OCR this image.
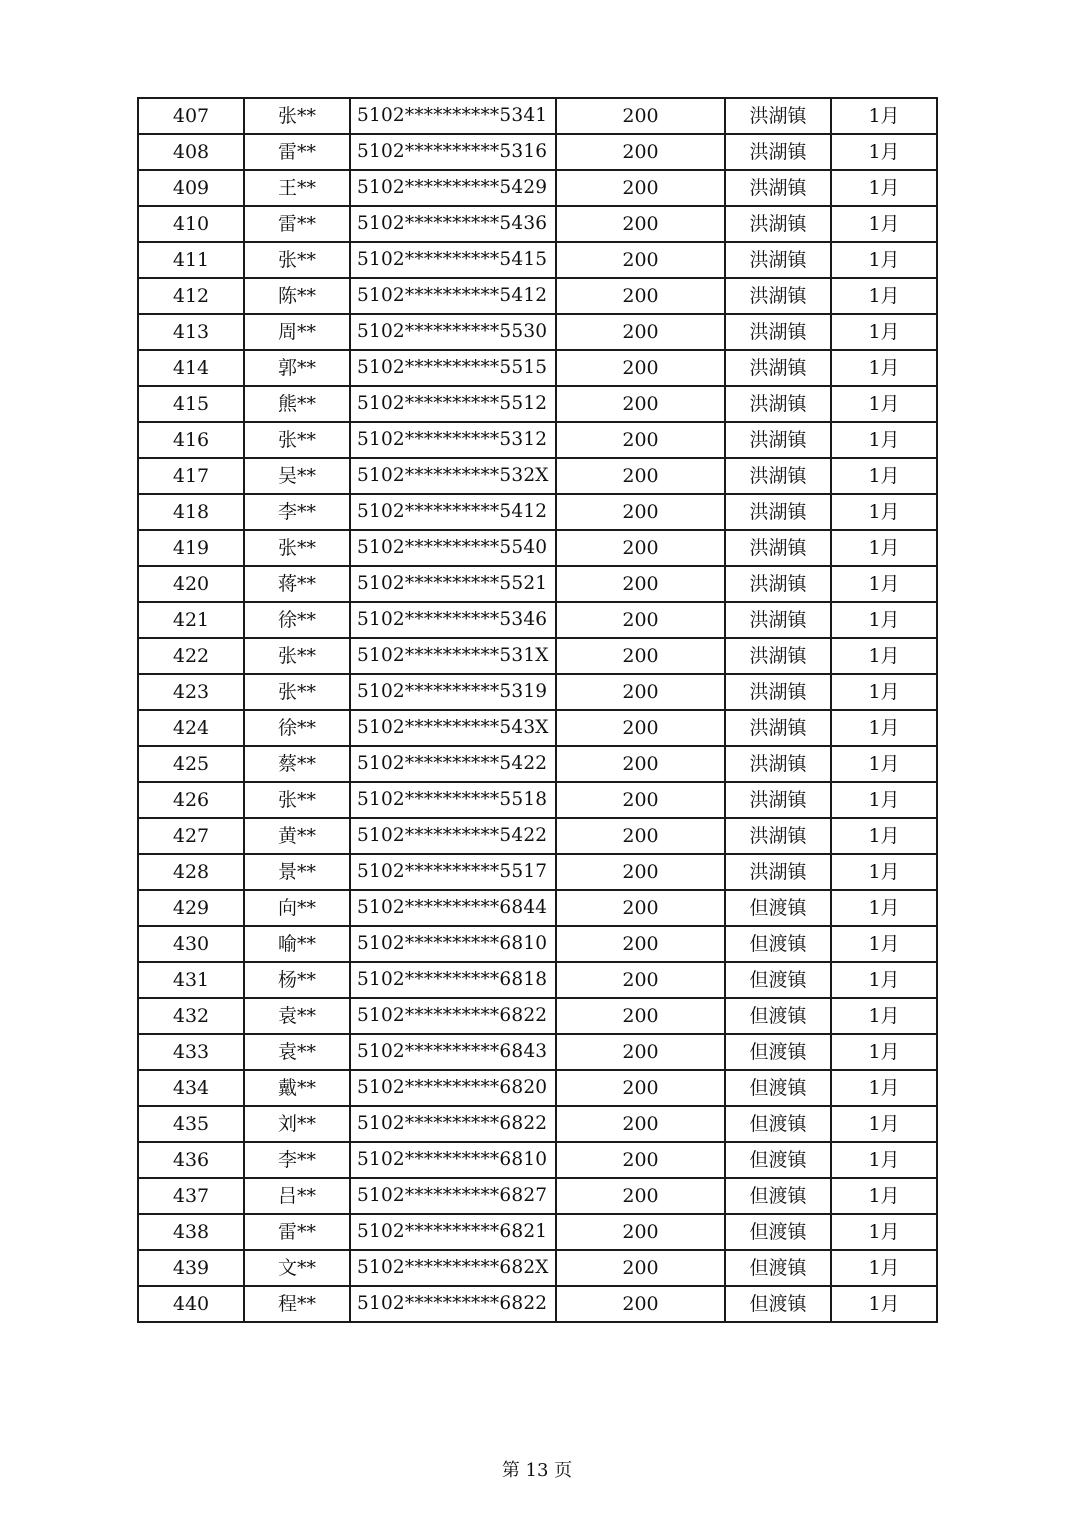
407	张**	5102**********5341	200	洪湖镇	1月
408	雷**	5102**********5316	200	洪湖镇	1月
409	王**	5102**********5429	200	洪湖镇	1月
410	雷**	5102**********5436	200	洪湖镇	1月
411	张**	5102**********5415	200	洪湖镇	1月
412	陈**	5102**********5412	200	洪湖镇	1月
413	周**	5102**********5530	200	洪湖镇	1月
414	郭**	5102**********5515	200	洪湖镇	1月
415	熊**	5102**********5512	200	洪湖镇	1月
416	张**	5102**********5312	200	洪湖镇	1月
417	吴**	5102**********532X	200	洪湖镇	1月
418	李**	5102**********5412	200	洪湖镇	1月
419	张**	5102**********5540	200	洪湖镇	1月
420	蒋**	5102**********5521	200	洪湖镇	1月
421	徐**	5102**********5346	200	洪湖镇	1月
422	张**	5102**********531X	200	洪湖镇	1月
423	张**	5102**********5319	200	洪湖镇	1月
424	徐**	5102**********543X	200	洪湖镇	1月
425	蔡**	5102**********5422	200	洪湖镇	1月
426	张**	5102**********5518	200	洪湖镇	1月
427	黄**	5102**********5422	200	洪湖镇	1月
428	景**	5102**********5517	200	洪湖镇	1月
429	向**	5102**********6844	200	但渡镇	1月
430	喻**	5102**********6810	200	但渡镇	1月
431	杨**	5102**********6818	200	但渡镇	1月
432	袁**	5102**********6822	200	但渡镇	1月
433	袁**	5102**********6843	200	但渡镇	1月
434	戴**	5102**********6820	200	但渡镇	1月
435	刘**	5102**********6822	200	但渡镇	1月
436	李**	5102**********6810	200	但渡镇	1月
437	吕**	5102**********6827	200	但渡镇	1月
438	雷**	5102**********6821	200	但渡镇	1月
439	文**	5102**********682X	200	但渡镇	1月
440	程**	5102**********6822	200	但渡镇	1月
第 13 页
